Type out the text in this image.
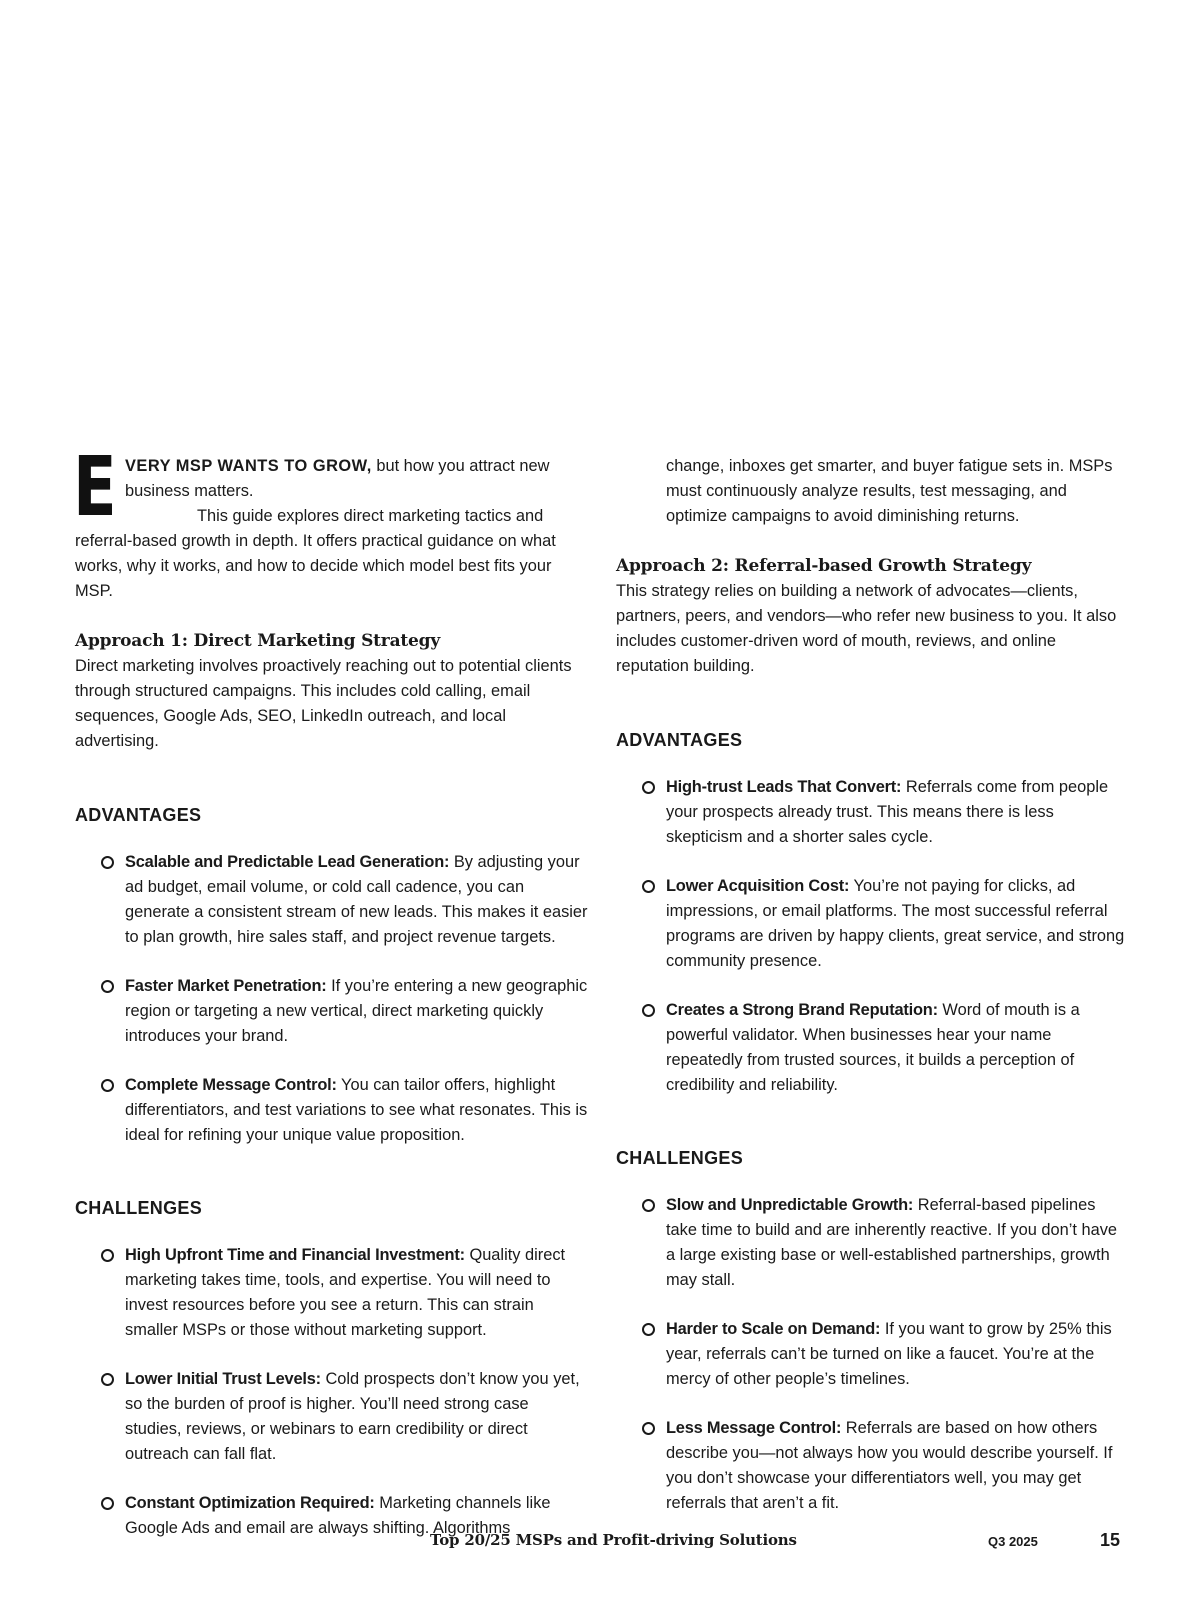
E VERY MSP WANTS TO GROW, but how you attract new business matters.

This guide explores direct marketing tactics and referral-based growth in depth. It offers practical guidance on what works, why it works, and how to decide which model best fits your MSP.

Approach 1: Direct Marketing Strategy

Direct marketing involves proactively reaching out to potential clients through structured campaigns. This includes cold calling, email sequences, Google Ads, SEO, LinkedIn outreach, and local advertising.

ADVANTAGES
Scalable and Predictable Lead Generation: By adjusting your ad budget, email volume, or cold call cadence, you can generate a consistent stream of new leads. This makes it easier to plan growth, hire sales staff, and project revenue targets.
Faster Market Penetration: If you’re entering a new geographic region or targeting a new vertical, direct marketing quickly introduces your brand.
Complete Message Control: You can tailor offers, highlight differentiators, and test variations to see what resonates. This is ideal for refining your unique value proposition.
CHALLENGES
High Upfront Time and Financial Investment: Quality direct marketing takes time, tools, and expertise. You will need to invest resources before you see a return. This can strain smaller MSPs or those without marketing support.
Lower Initial Trust Levels: Cold prospects don’t know you yet, so the burden of proof is higher. You’ll need strong case studies, reviews, or webinars to earn credibility or direct outreach can fall flat.
Constant Optimization Required: Marketing channels like Google Ads and email are always shifting. Algorithms

change, inboxes get smarter, and buyer fatigue sets in. MSPs must continuously analyze results, test messaging, and optimize campaigns to avoid diminishing returns.

Approach 2: Referral-based Growth Strategy

This strategy relies on building a network of advocates—clients, partners, peers, and vendors—who refer new business to you. It also includes customer-driven word of mouth, reviews, and online reputation building.

ADVANTAGES
High-trust Leads That Convert: Referrals come from people your prospects already trust. This means there is less skepticism and a shorter sales cycle.
Lower Acquisition Cost: You’re not paying for clicks, ad impressions, or email platforms. The most successful referral programs are driven by happy clients, great service, and strong community presence.
Creates a Strong Brand Reputation: Word of mouth is a powerful validator. When businesses hear your name repeatedly from trusted sources, it builds a perception of credibility and reliability.
CHALLENGES
Slow and Unpredictable Growth: Referral-based pipelines take time to build and are inherently reactive. If you don’t have a large existing base or well-established partnerships, growth may stall.
Harder to Scale on Demand: If you want to grow by 25% this year, referrals can’t be turned on like a faucet. You’re at the mercy of other people’s timelines.
Less Message Control: Referrals are based on how others describe you—not always how you would describe yourself. If you don’t showcase your differentiators well, you may get referrals that aren’t a fit.
Top 20/25 MSPs and Profit-driving Solutions	Q3 2025	15
